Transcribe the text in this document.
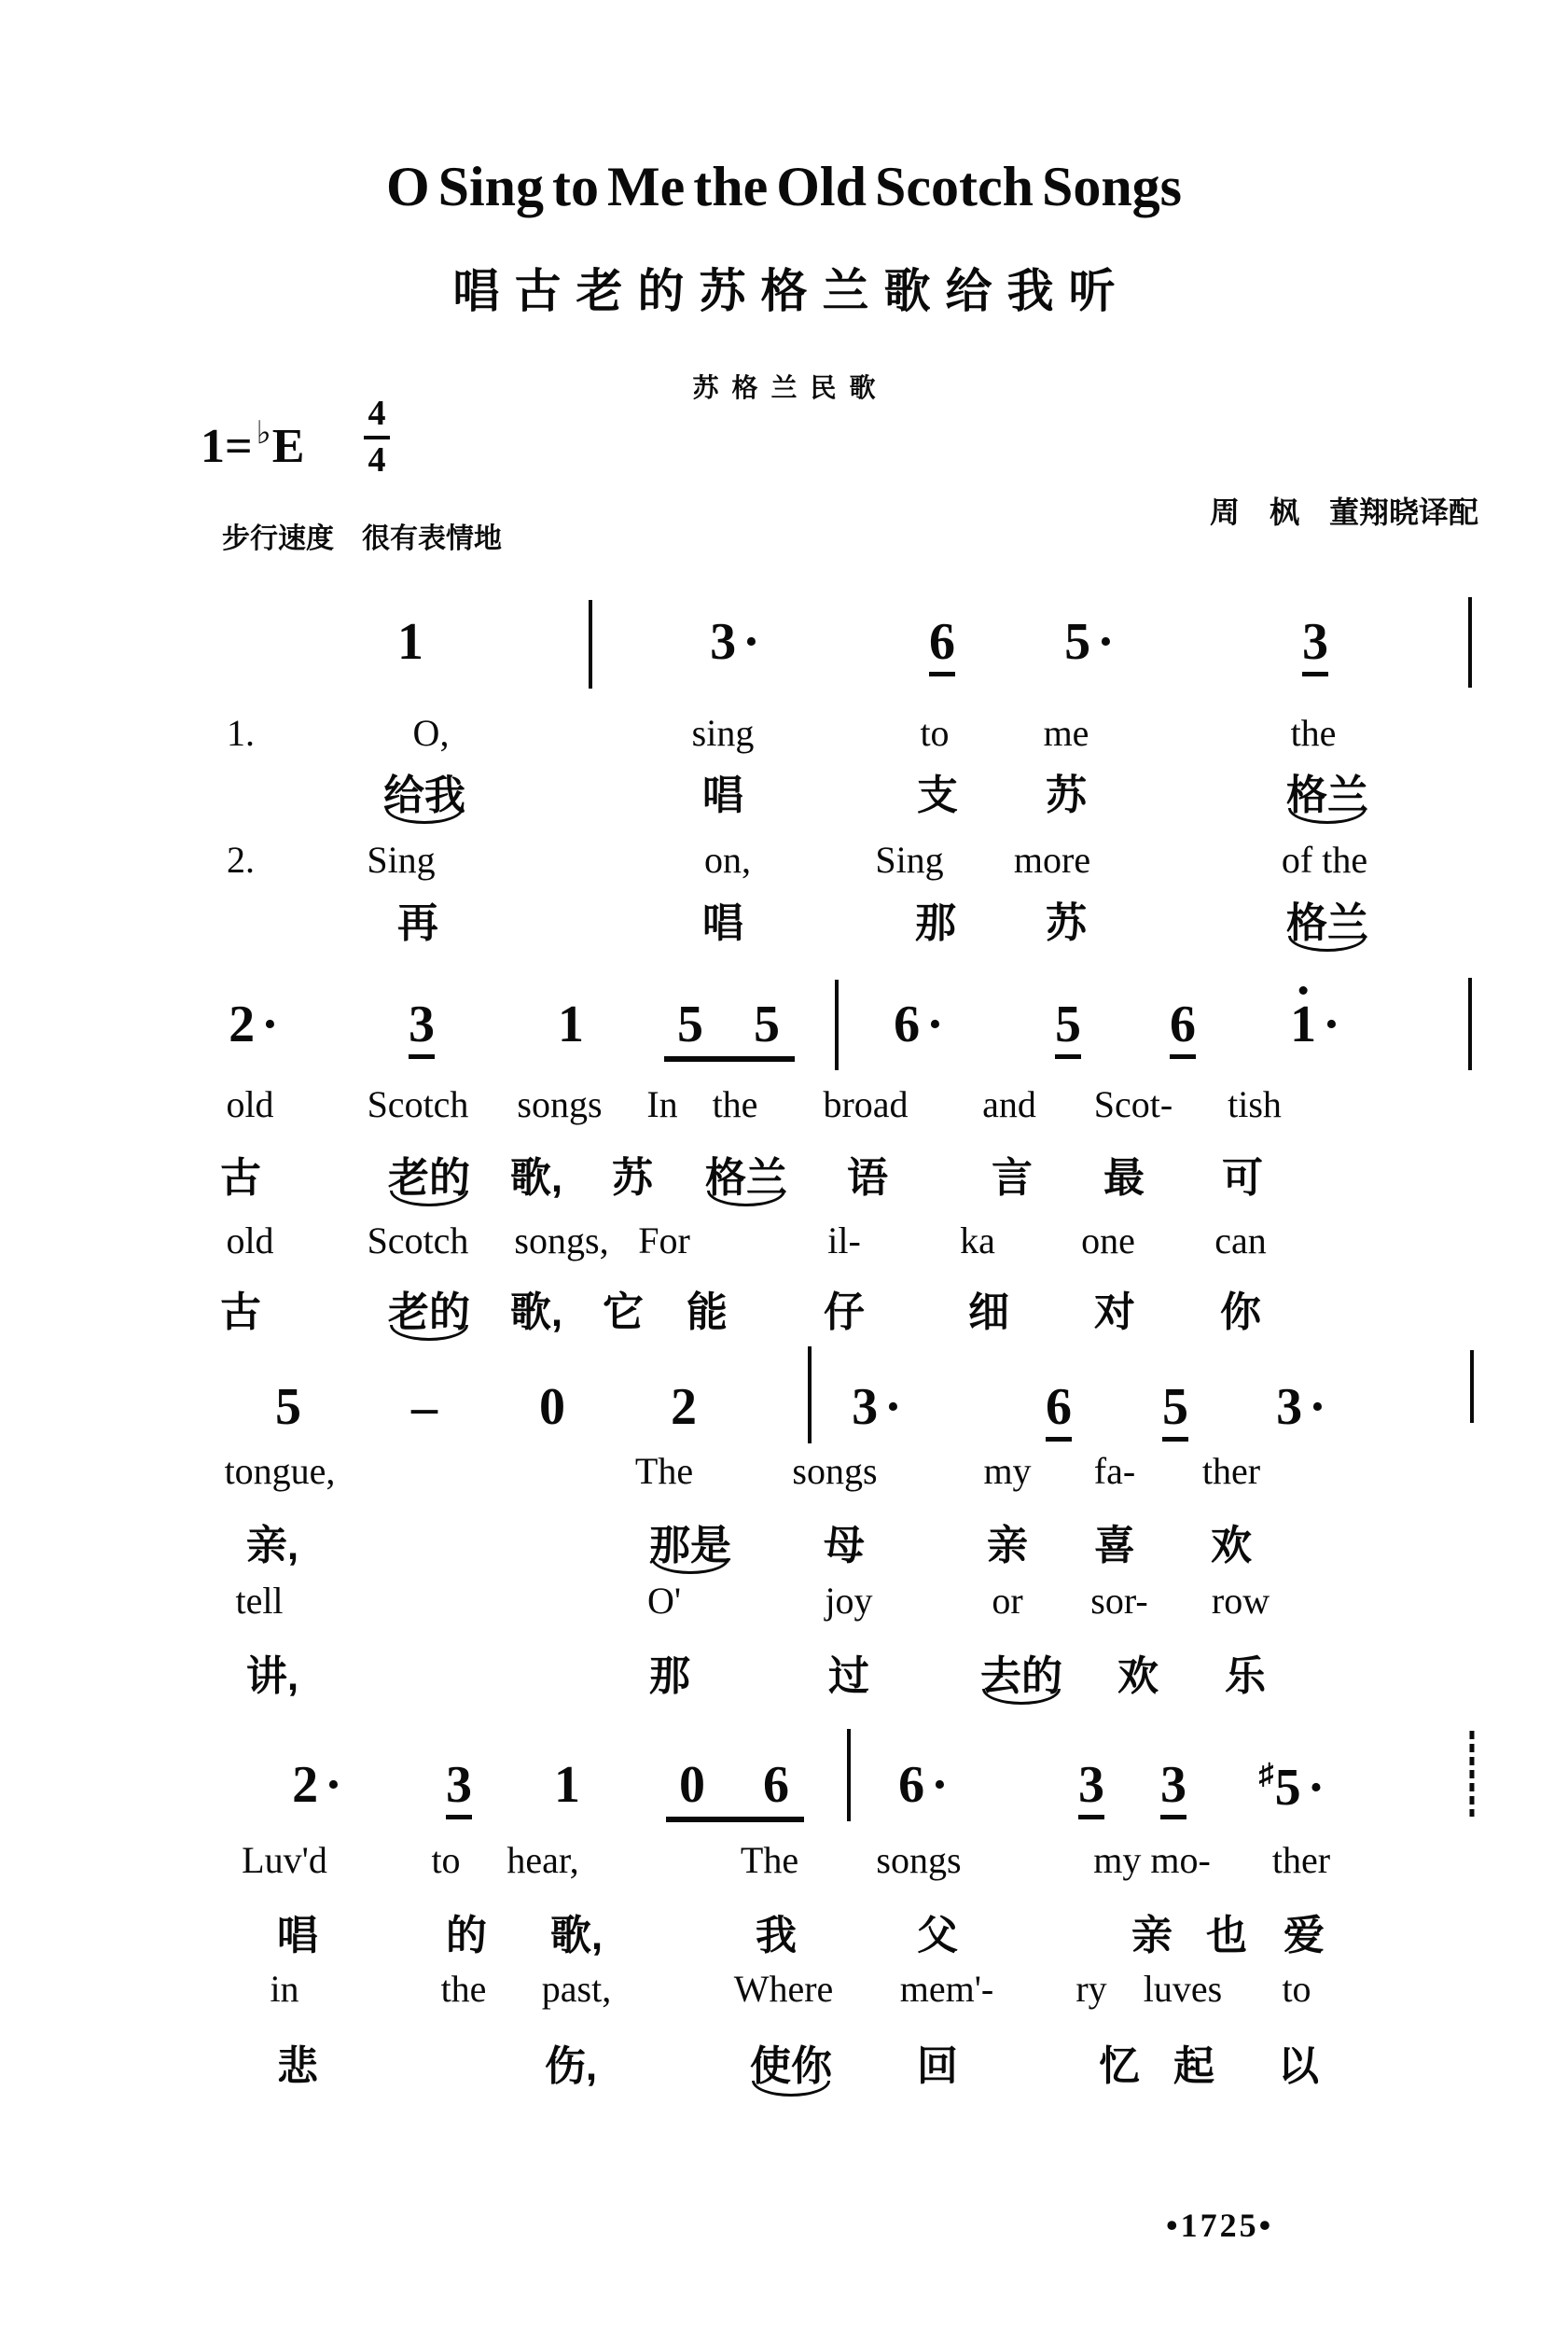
O Sing to Me the Old Scotch Songs
唱古老的苏格兰歌给我听
苏格兰民歌
1= ♭E
4
4
周　枫　董翔晓译配
步行速度　很有表情地
1	3 ·	6 5 ·	3
1.	O,	sing	to	me	the
给我	唱	支 苏	格兰
2.	Sing	on,	Sing more	of the
再	唱	那 苏	格兰
2 · 3 1 5 5 6 · 5 6 1 ·
old	Scotch songs In the broad and Scot- tish
古	老的 歌, 苏 格兰 语	言 最 可
old	Scotch songs, For	il-	ka one can
古	老的 歌, 它 能 仔	细 对 你
5 – 0 2	3 ·	6 5 3 ·
tongue,	The	songs	my fa- ther
亲,	那是 母	亲 喜 欢
tell	O'	joy	or sor- row
讲,	那	过	去的 欢 乐
2 · 3 1 0 6 6 · 3 3 ♯5 ·
Luv'd	to hear,	The songs	my mo- ther
唱	的 歌,	我	父	亲 也 爱
in	the past,	Where mem'- ry luves to
悲	伤,	使你 回	忆 起 以
•1725•
